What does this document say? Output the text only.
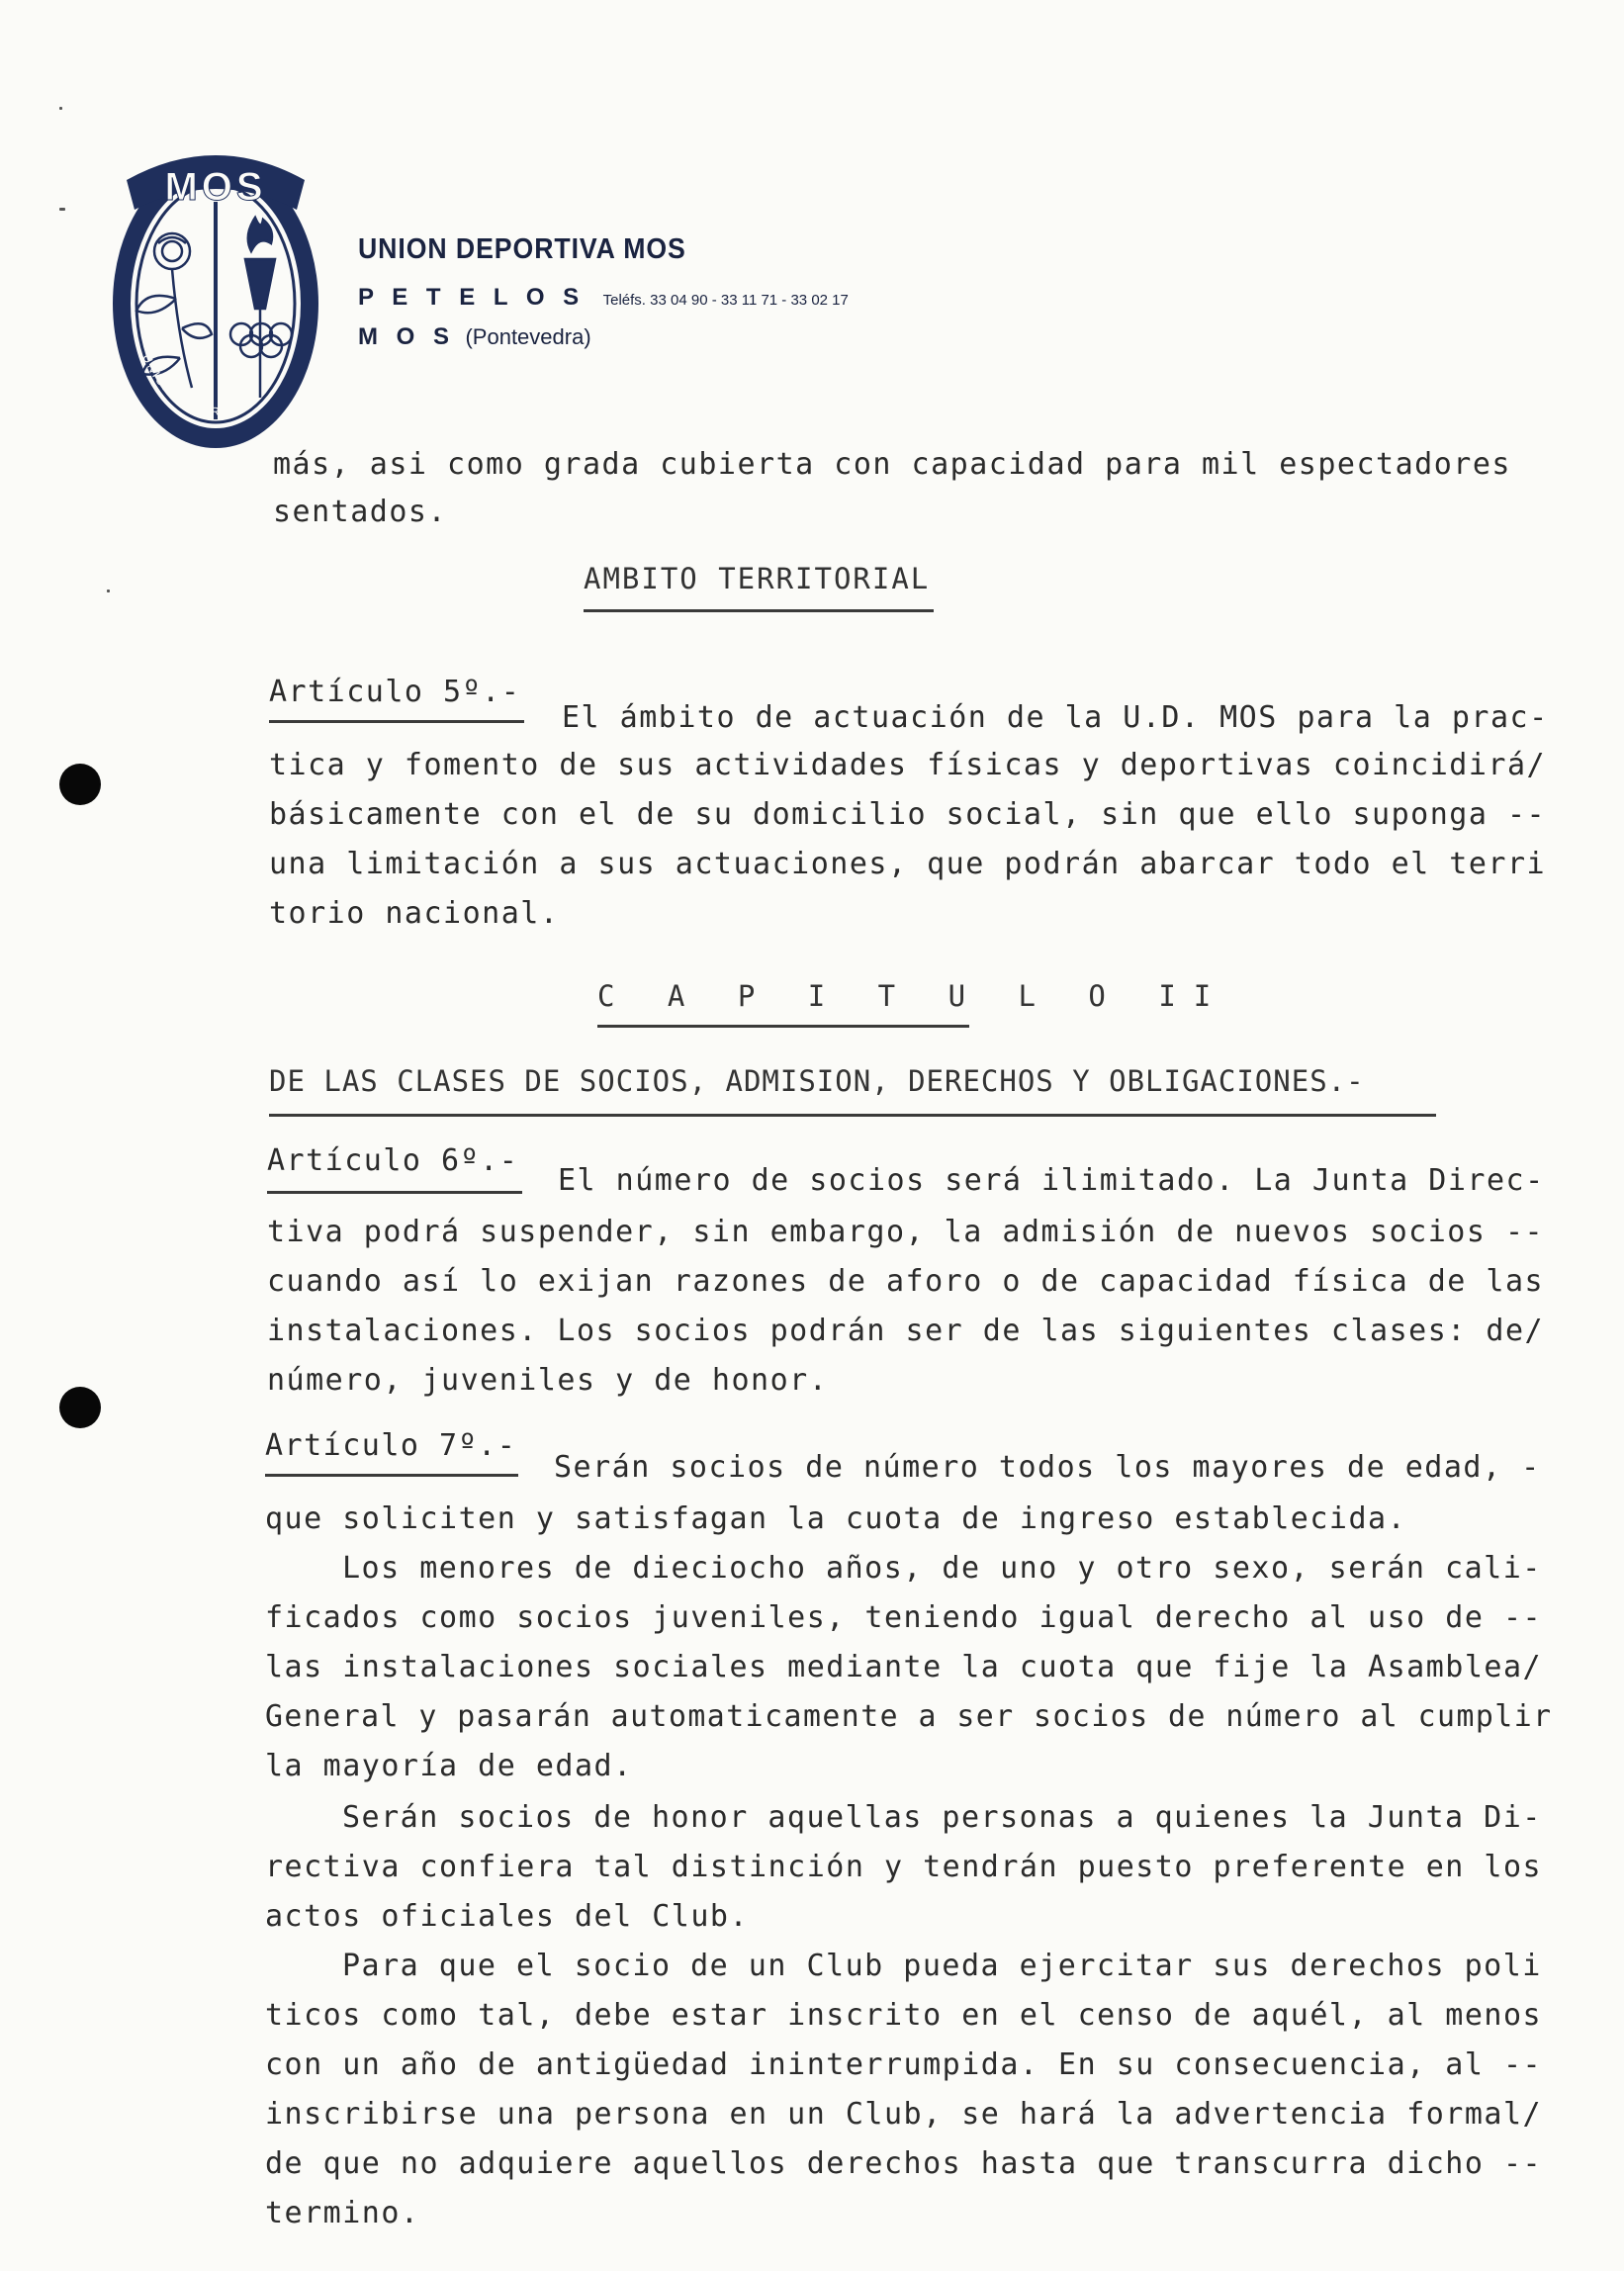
MOS
UNION DEPORTIVA
UNION DEPORTIVA MOS
P E T E L O S Teléfs. 33 04 90 - 33 11 71 - 33 02 17
M O S (Pontevedra)
más, asi como grada cubierta con capacidad para mil espectadores
sentados.
AMBITO TERRITORIAL
Artículo 5º.-
El ámbito de actuación de la U.D. MOS para la prac-
tica y fomento de sus actividades físicas y deportivas coincidirá/
básicamente con el de su domicilio social, sin que ello suponga --
una limitación a sus actuaciones, que podrán abarcar todo el terri
torio nacional.
C A P I T U L O II
DE LAS CLASES DE SOCIOS, ADMISION, DERECHOS Y OBLIGACIONES.-
Artículo 6º.-
El número de socios será ilimitado. La Junta Direc-
tiva podrá suspender, sin embargo, la admisión de nuevos socios --
cuando así lo exijan razones de aforo o de capacidad física de las
instalaciones. Los socios podrán ser de las siguientes clases: de/
número, juveniles y de honor.
Artículo 7º.-
Serán socios de número todos los mayores de edad, -
que soliciten y satisfagan la cuota de ingreso establecida.
Los menores de dieciocho años, de uno y otro sexo, serán cali-
ficados como socios juveniles, teniendo igual derecho al uso de --
las instalaciones sociales mediante la cuota que fije la Asamblea/
General y pasarán automaticamente a ser socios de número al cumplir
la mayoría de edad.
Serán socios de honor aquellas personas a quienes la Junta Di-
rectiva confiera tal distinción y tendrán puesto preferente en los
actos oficiales del Club.
Para que el socio de un Club pueda ejercitar sus derechos poli
ticos como tal, debe estar inscrito en el censo de aquél, al menos
con un año de antigüedad ininterrumpida. En su consecuencia, al --
inscribirse una persona en un Club, se hará la advertencia formal/
de que no adquiere aquellos derechos hasta que transcurra dicho --
termino.
